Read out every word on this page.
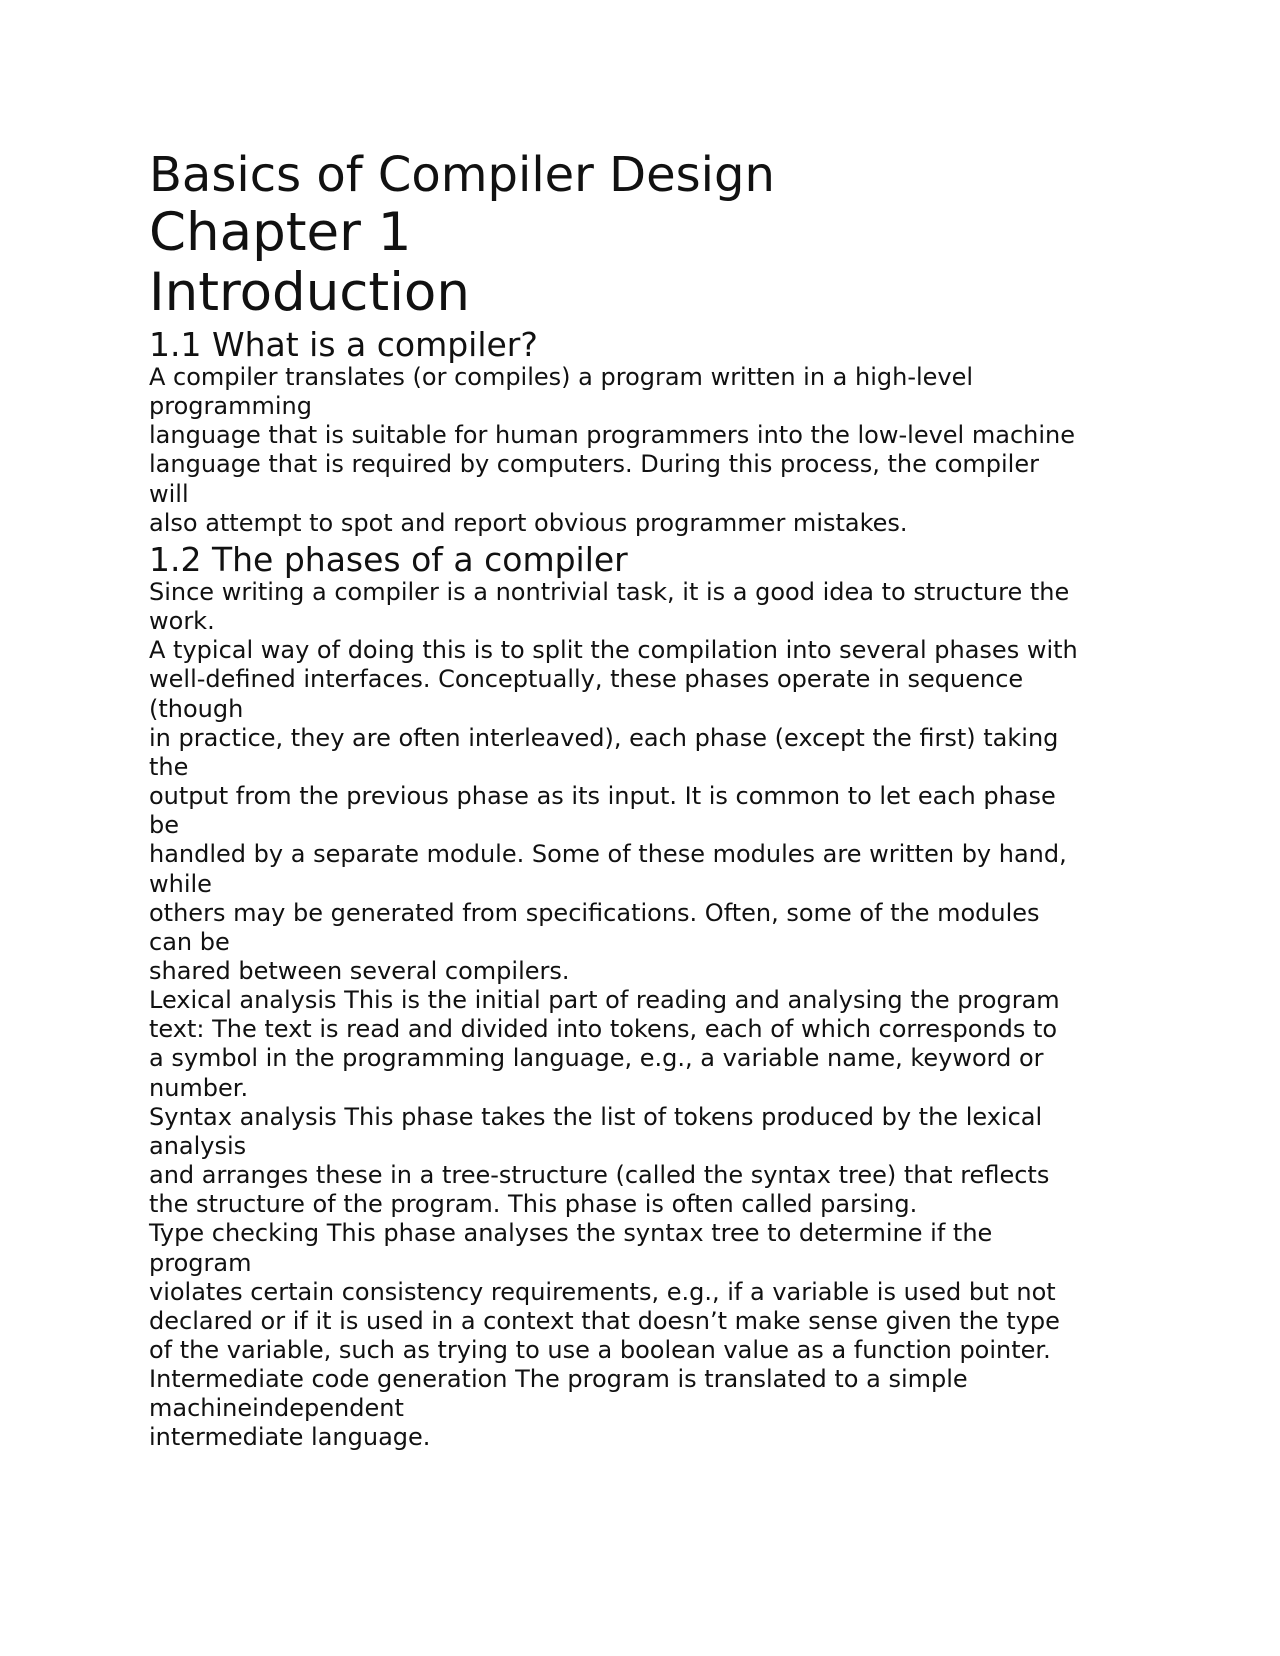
Basics of Compiler Design
Chapter 1
Introduction
1.1 What is a compiler?

A compiler translates (or compiles) a program written in a high-level

programming

language that is suitable for human programmers into the low-level machine

language that is required by computers. During this process, the compiler

will

also attempt to spot and report obvious programmer mistakes.

1.2 The phases of a compiler

Since writing a compiler is a nontrivial task, it is a good idea to structure the

work.

A typical way of doing this is to split the compilation into several phases with

well-defined interfaces. Conceptually, these phases operate in sequence

(though

in practice, they are often interleaved), each phase (except the first) taking

the

output from the previous phase as its input. It is common to let each phase

be

handled by a separate module. Some of these modules are written by hand,

while

others may be generated from specifications. Often, some of the modules

can be

shared between several compilers.

Lexical analysis This is the initial part of reading and analysing the program

text: The text is read and divided into tokens, each of which corresponds to

a symbol in the programming language, e.g., a variable name, keyword or

number.

Syntax analysis This phase takes the list of tokens produced by the lexical

analysis

and arranges these in a tree-structure (called the syntax tree) that reflects

the structure of the program. This phase is often called parsing.

Type checking This phase analyses the syntax tree to determine if the

program

violates certain consistency requirements, e.g., if a variable is used but not

declared or if it is used in a context that doesn’t make sense given the type

of the variable, such as trying to use a boolean value as a function pointer.

Intermediate code generation The program is translated to a simple

machineindependent

intermediate language.
